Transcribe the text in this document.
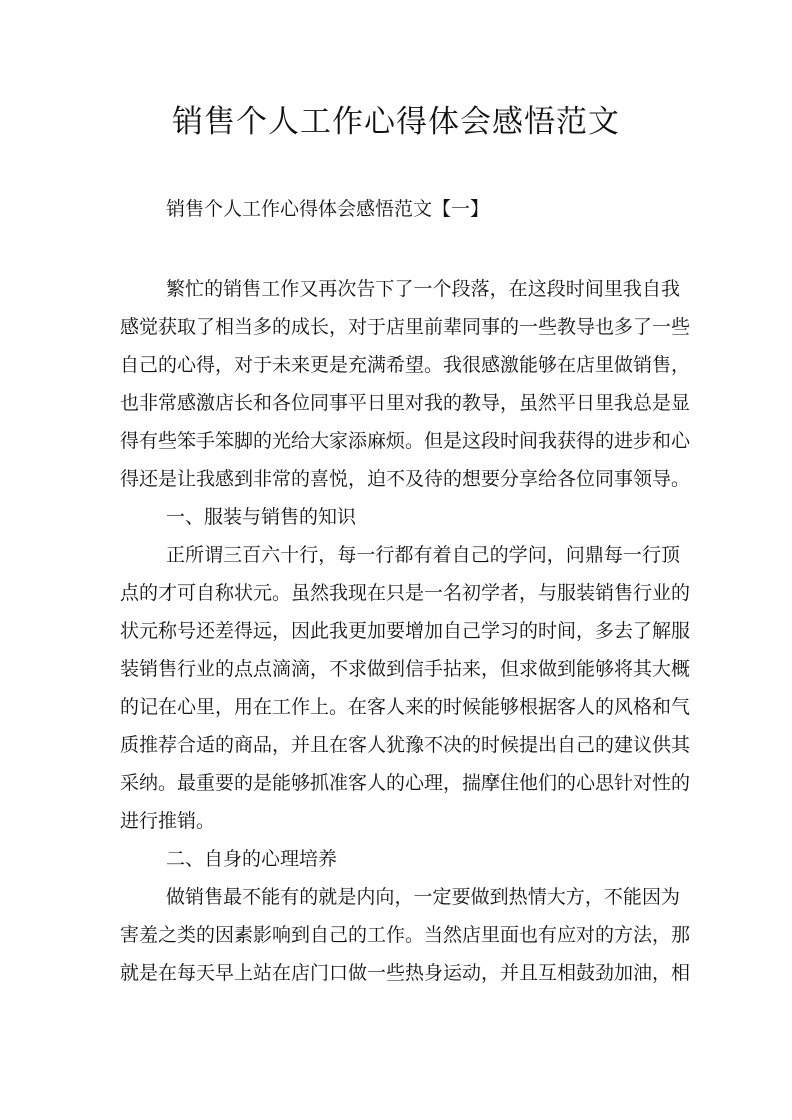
销售个人工作心得体会感悟范文

销售个人工作心得体会感悟范文【一】

繁忙的销售工作又再次告下了一个段落，在这段时间里我自我
感觉获取了相当多的成长，对于店里前辈同事的一些教导也多了一些
自己的心得，对于未来更是充满希望。我很感激能够在店里做销售，
也非常感激店长和各位同事平日里对我的教导，虽然平日里我总是显
得有些笨手笨脚的光给大家添麻烦。但是这段时间我获得的进步和心
得还是让我感到非常的喜悦，迫不及待的想要分享给各位同事领导。
一、服装与销售的知识
正所谓三百六十行，每一行都有着自己的学问，问鼎每一行顶
点的才可自称状元。虽然我现在只是一名初学者，与服装销售行业的
状元称号还差得远，因此我更加要增加自己学习的时间，多去了解服
装销售行业的点点滴滴，不求做到信手拈来，但求做到能够将其大概
的记在心里，用在工作上。在客人来的时候能够根据客人的风格和气
质推荐合适的商品，并且在客人犹豫不决的时候提出自己的建议供其
采纳。最重要的是能够抓准客人的心理，揣摩住他们的心思针对性的
进行推销。
二、自身的心理培养
做销售最不能有的就是内向，一定要做到热情大方，不能因为
害羞之类的因素影响到自己的工作。当然店里面也有应对的方法，那
就是在每天早上站在店门口做一些热身运动，并且互相鼓劲加油，相
